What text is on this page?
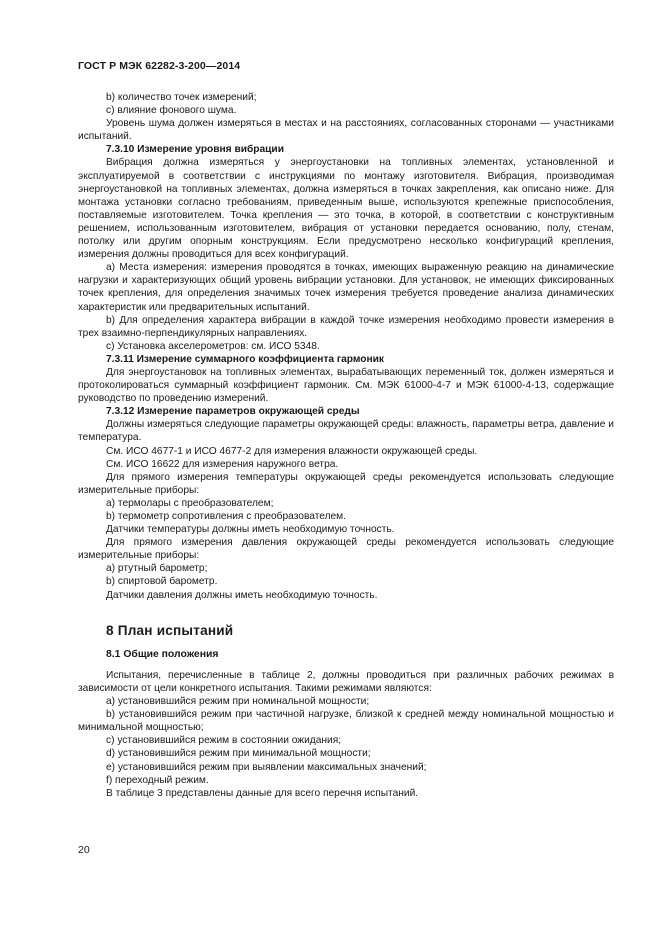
ГОСТ Р МЭК 62282-3-200—2014

b) количество точек измерений;

c) влияние фонового шума.

Уровень шума должен измеряться в местах и на расстояниях, согласованных сторонами — участниками испытаний.

7.3.10 Измерение уровня вибрации

Вибрация должна измеряться у энергоустановки на топливных элементах, установленной и эксплуатируемой в соответствии с инструкциями по монтажу изготовителя. Вибрация, производимая энергоустановкой на топливных элементах, должна измеряться в точках закрепления, как описано ниже. Для монтажа установки согласно требованиям, приведенным выше, используются крепежные приспособления, поставляемые изготовителем. Точка крепления — это точка, в которой, в соответствии с конструктивным решением, использованным изготовителем, вибрация от установки передается основанию, полу, стенам, потолку или другим опорным конструкциям. Если предусмотрено несколько конфигураций крепления, измерения должны проводиться для всех конфигураций.

a) Места измерения: измерения проводятся в точках, имеющих выраженную реакцию на динамические нагрузки и характеризующих общий уровень вибрации установки. Для установок, не имеющих фиксированных точек крепления, для определения значимых точек измерения требуется проведение анализа динамических характеристик или предварительных испытаний.

b) Для определения характера вибрации в каждой точке измерения необходимо провести измерения в трех взаимно-перпендикулярных направлениях.

c) Установка акселерометров: см. ИСО 5348.

7.3.11 Измерение суммарного коэффициента гармоник

Для энергоустановок на топливных элементах, вырабатывающих переменный ток, должен измеряться и протоколироваться суммарный коэффициент гармоник. См. МЭК 61000-4-7 и МЭК 61000-4-13, содержащие руководство по проведению измерений.

7.3.12 Измерение параметров окружающей среды

Должны измеряться следующие параметры окружающей среды: влажность, параметры ветра, давление и температура.

См. ИСО 4677-1 и ИСО 4677-2 для измерения влажности окружающей среды.

См. ИСО 16622 для измерения наружного ветра.

Для прямого измерения температуры окружающей среды рекомендуется использовать следующие измерительные приборы:

a) термолары с преобразователем;

b) термометр сопротивления с преобразователем.

Датчики температуры должны иметь необходимую точность.

Для прямого измерения давления окружающей среды рекомендуется использовать следующие измерительные приборы:

a) ртутный барометр;

b) спиртовой барометр.

Датчики давления должны иметь необходимую точность.

8 План испытаний

8.1 Общие положения

Испытания, перечисленные в таблице 2, должны проводиться при различных рабочих режимах в зависимости от цели конкретного испытания. Такими режимами являются:

a) установившийся режим при номинальной мощности;

b) установившийся режим при частичной нагрузке, близкой к средней между номинальной мощностью и минимальной мощностью;

c) установившийся режим в состоянии ожидания;

d) установившийся режим при минимальной мощности;

e) установившийся режим при выявлении максимальных значений;

f) переходный режим.

В таблице 3 представлены данные для всего перечня испытаний.

20
